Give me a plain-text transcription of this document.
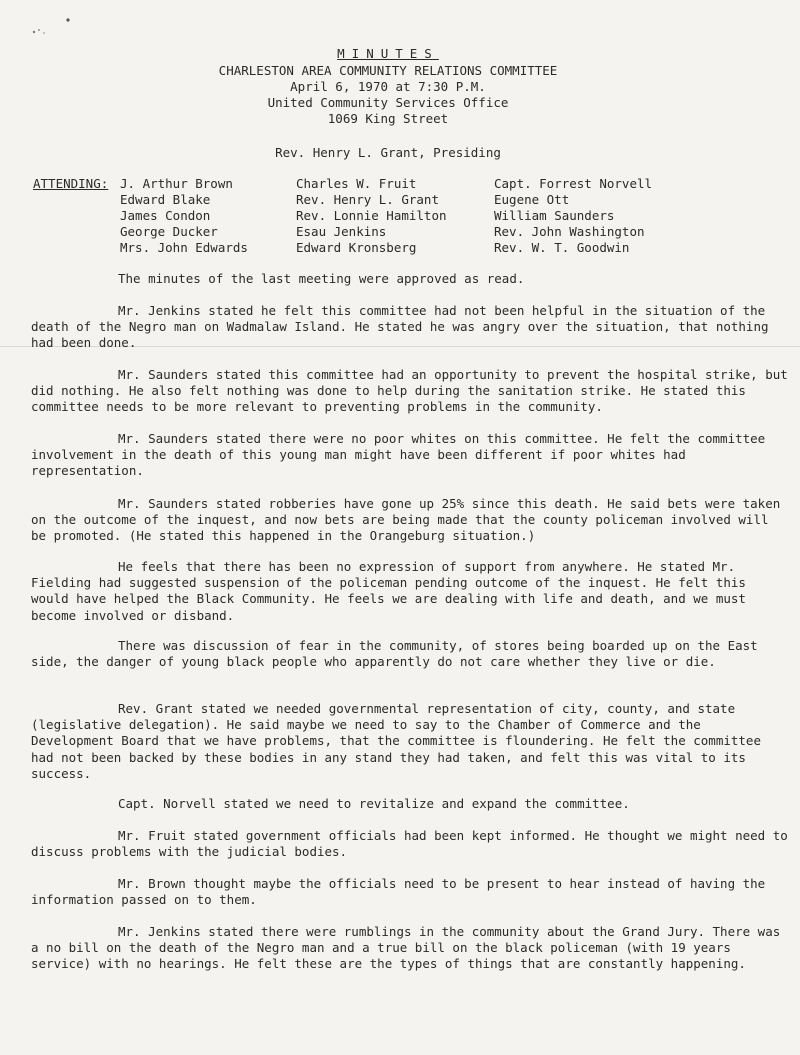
MINUTES
CHARLESTON AREA COMMUNITY RELATIONS COMMITTEE
April 6, 1970 at 7:30 P.M.
United Community Services Office
1069 King Street
Rev. Henry L. Grant, Presiding
ATTENDING: J. Arthur Brown
Edward Blake
James Condon
George Ducker
Mrs. John Edwards
Charles W. Fruit
Rev. Henry L. Grant
Rev. Lonnie Hamilton
Esau Jenkins
Edward Kronsberg
Capt. Forrest Norvell
Eugene Ott
William Saunders
Rev. John Washington
Rev. W. T. Goodwin

The minutes of the last meeting were approved as read.

Mr. Jenkins stated he felt this committee had not been helpful in the situation of the death of the Negro man on Wadmalaw Island. He stated he was angry over the situation, that nothing had been done.

Mr. Saunders stated this committee had an opportunity to prevent the hospital strike, but did nothing. He also felt nothing was done to help during the sanitation strike. He stated this committee needs to be more relevant to preventing problems in the community.

Mr. Saunders stated there were no poor whites on this committee. He felt the committee involvement in the death of this young man might have been different if poor whites had representation.

Mr. Saunders stated robberies have gone up 25% since this death. He said bets were taken on the outcome of the inquest, and now bets are being made that the county policeman involved will be promoted. (He stated this happened in the Orangeburg situation.)

He feels that there has been no expression of support from anywhere. He stated Mr. Fielding had suggested suspension of the policeman pending outcome of the inquest. He felt this would have helped the Black Community. He feels we are dealing with life and death, and we must become involved or disband.

There was discussion of fear in the community, of stores being boarded up on the East side, the danger of young black people who apparently do not care whether they live or die.

Rev. Grant stated we needed governmental representation of city, county, and state (legislative delegation). He said maybe we need to say to the Chamber of Commerce and the Development Board that we have problems, that the committee is floundering. He felt the committee had not been backed by these bodies in any stand they had taken, and felt this was vital to its success.

Capt. Norvell stated we need to revitalize and expand the committee.

Mr. Fruit stated government officials had been kept informed. He thought we might need to discuss problems with the judicial bodies.

Mr. Brown thought maybe the officials need to be present to hear instead of having the information passed on to them.

Mr. Jenkins stated there were rumblings in the community about the Grand Jury. There was a no bill on the death of the Negro man and a true bill on the black policeman (with 19 years service) with no hearings. He felt these are the types of things that are constantly happening.
